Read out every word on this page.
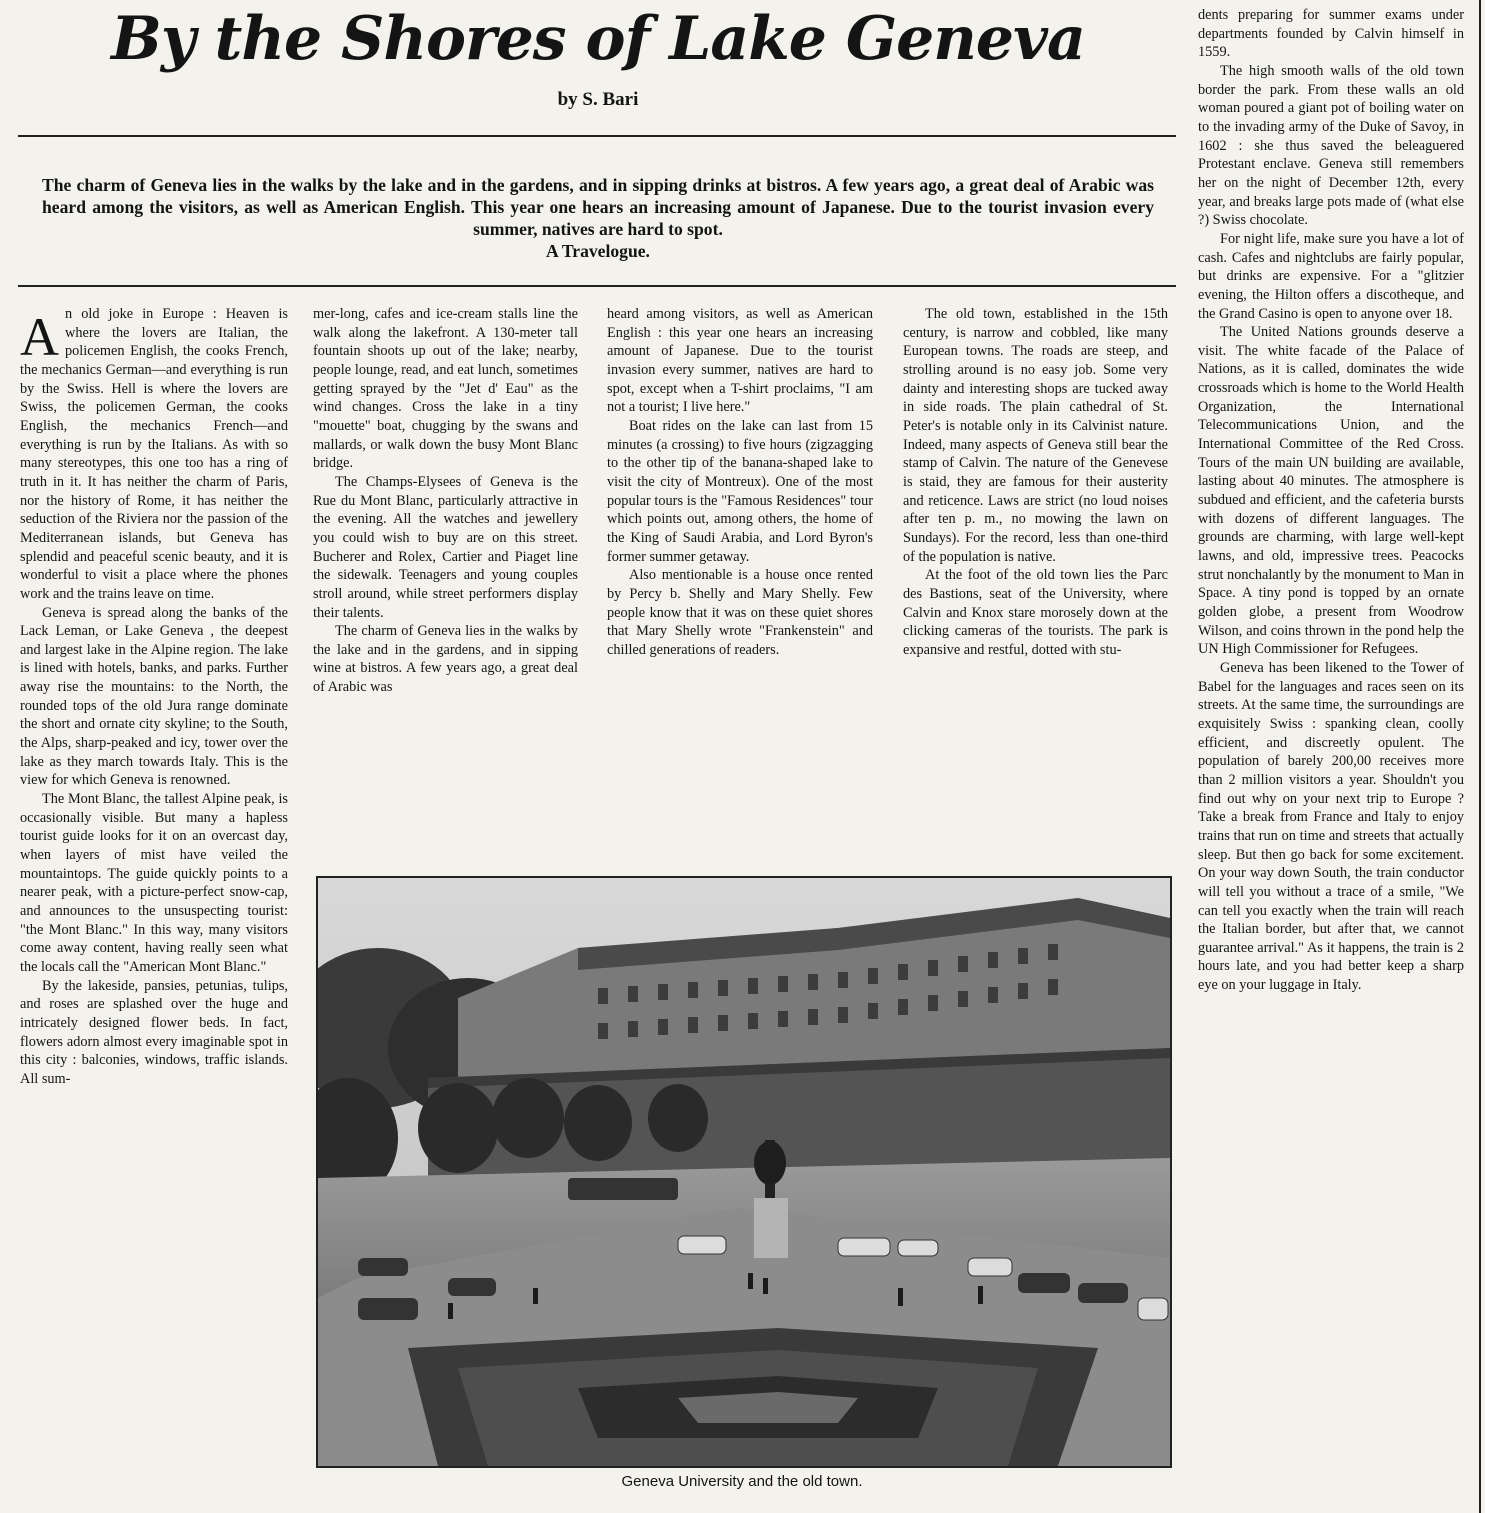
By the Shores of Lake Geneva
by S. Bari
The charm of Geneva lies in the walks by the lake and in the gardens, and in sipping drinks at bistros. A few years ago, a great deal of Arabic was heard among the visitors, as well as American English. This year one hears an increasing amount of Japanese. Due to the tourist invasion every summer, natives are hard to spot.
A Travelogue.

An old joke in Europe : Heaven is where the lovers are Italian, the policemen English, the cooks French, the mechanics German—and everything is run by the Swiss. Hell is where the lovers are Swiss, the policemen German, the cooks English, the mechanics French—and everything is run by the Italians. As with so many stereotypes, this one too has a ring of truth in it. It has neither the charm of Paris, nor the history of Rome, it has neither the seduction of the Riviera nor the passion of the Mediterranean islands, but Geneva has splendid and peaceful scenic beauty, and it is wonderful to visit a place where the phones work and the trains leave on time.

Geneva is spread along the banks of the Lack Leman, or Lake Geneva , the deepest and largest lake in the Alpine region. The lake is lined with hotels, banks, and parks. Further away rise the mountains: to the North, the rounded tops of the old Jura range dominate the short and ornate city skyline; to the South, the Alps, sharp-peaked and icy, tower over the lake as they march towards Italy. This is the view for which Geneva is renowned.

The Mont Blanc, the tallest Alpine peak, is occasionally visible. But many a hapless tourist guide looks for it on an overcast day, when layers of mist have veiled the mountaintops. The guide quickly points to a nearer peak, with a picture-perfect snow-cap, and announces to the unsuspecting tourist: "the Mont Blanc." In this way, many visitors come away content, having really seen what the locals call the "American Mont Blanc."

By the lakeside, pansies, petunias, tulips, and roses are splashed over the huge and intricately designed flower beds. In fact, flowers adorn almost every imaginable spot in this city : balconies, windows, traffic islands. All sum-

mer-long, cafes and ice-cream stalls line the walk along the lakefront. A 130-meter tall fountain shoots up out of the lake; nearby, people lounge, read, and eat lunch, sometimes getting sprayed by the "Jet d' Eau" as the wind changes. Cross the lake in a tiny "mouette" boat, chugging by the swans and mallards, or walk down the busy Mont Blanc bridge.

The Champs-Elysees of Geneva is the Rue du Mont Blanc, particularly attractive in the evening. All the watches and jewellery you could wish to buy are on this street. Bucherer and Rolex, Cartier and Piaget line the sidewalk. Teenagers and young couples stroll around, while street performers display their talents.

The charm of Geneva lies in the walks by the lake and in the gardens, and in sipping wine at bistros. A few years ago, a great deal of Arabic was

heard among visitors, as well as American English : this year one hears an increasing amount of Japanese. Due to the tourist invasion every summer, natives are hard to spot, except when a T-shirt proclaims, "I am not a tourist; I live here."

Boat rides on the lake can last from 15 minutes (a crossing) to five hours (zigzagging to the other tip of the banana-shaped lake to visit the city of Montreux). One of the most popular tours is the "Famous Residences" tour which points out, among others, the home of the King of Saudi Arabia, and Lord Byron's former summer getaway.

Also mentionable is a house once rented by Percy b. Shelly and Mary Shelly. Few people know that it was on these quiet shores that Mary Shelly wrote "Frankenstein" and chilled generations of readers.

The old town, established in the 15th century, is narrow and cobbled, like many European towns. The roads are steep, and strolling around is no easy job. Some very dainty and interesting shops are tucked away in side roads. The plain cathedral of St. Peter's is notable only in its Calvinist nature. Indeed, many aspects of Geneva still bear the stamp of Calvin. The nature of the Genevese is staid, they are famous for their austerity and reticence. Laws are strict (no loud noises after ten p. m., no mowing the lawn on Sundays). For the record, less than one-third of the population is native.

At the foot of the old town lies the Parc des Bastions, seat of the University, where Calvin and Knox stare morosely down at the clicking cameras of the tourists. The park is expansive and restful, dotted with stu-

dents preparing for summer exams under departments founded by Calvin himself in 1559.

The high smooth walls of the old town border the park. From these walls an old woman poured a giant pot of boiling water on to the invading army of the Duke of Savoy, in 1602 : she thus saved the beleaguered Protestant enclave. Geneva still remembers her on the night of December 12th, every year, and breaks large pots made of (what else ?) Swiss chocolate.

For night life, make sure you have a lot of cash. Cafes and nightclubs are fairly popular, but drinks are expensive. For a "glitzier evening, the Hilton offers a discotheque, and the Grand Casino is open to anyone over 18.

The United Nations grounds deserve a visit. The white facade of the Palace of Nations, as it is called, dominates the wide crossroads which is home to the World Health Organization, the International Telecommunications Union, and the International Committee of the Red Cross. Tours of the main UN building are available, lasting about 40 minutes. The atmosphere is subdued and efficient, and the cafeteria bursts with dozens of different languages. The grounds are charming, with large well-kept lawns, and old, impressive trees. Peacocks strut nonchalantly by the monument to Man in Space. A tiny pond is topped by an ornate golden globe, a present from Woodrow Wilson, and coins thrown in the pond help the UN High Commissioner for Refugees.

Geneva has been likened to the Tower of Babel for the languages and races seen on its streets. At the same time, the surroundings are exquisitely Swiss : spanking clean, coolly efficient, and discreetly opulent. The population of barely 200,00 receives more than 2 million visitors a year. Shouldn't you find out why on your next trip to Europe ? Take a break from France and Italy to enjoy trains that run on time and streets that actually sleep. But then go back for some excitement. On your way down South, the train conductor will tell you without a trace of a smile, "We can tell you exactly when the train will reach the Italian border, but after that, we cannot guarantee arrival." As it happens, the train is 2 hours late, and you had better keep a sharp eye on your luggage in Italy.

Geneva University and the old town.
